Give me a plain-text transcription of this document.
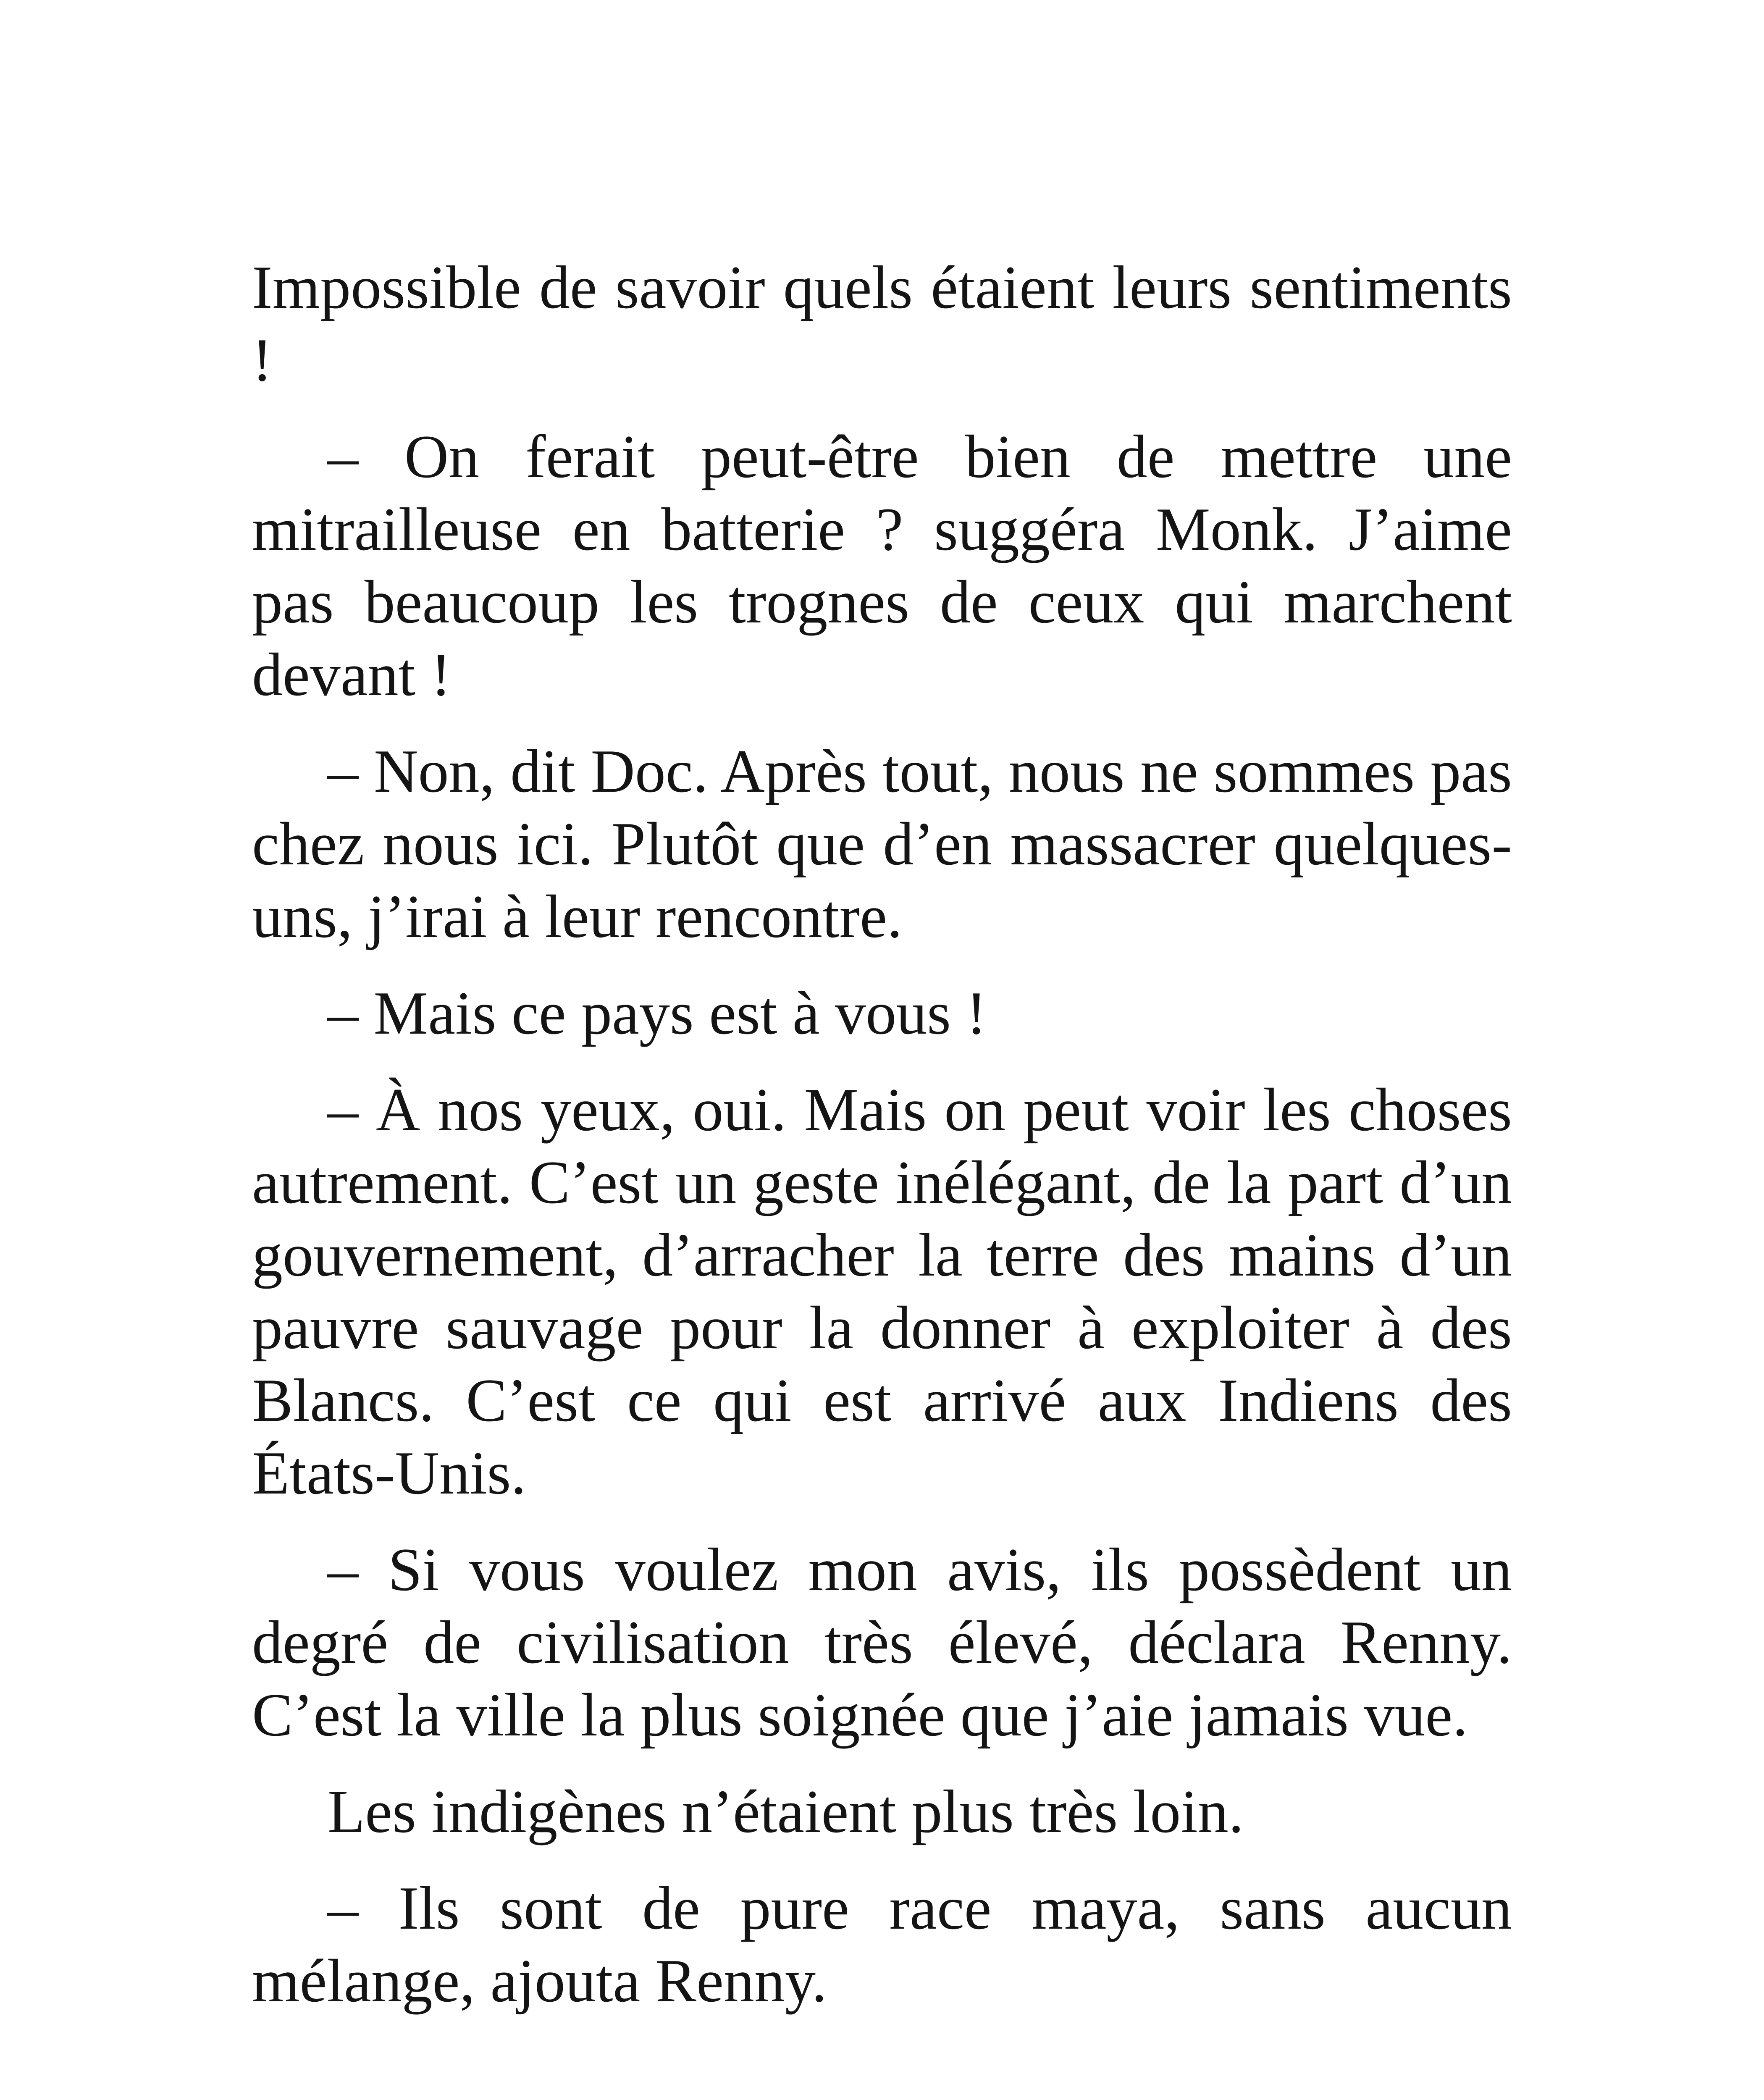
Impossible de savoir quels étaient leurs sentiments !

– On ferait peut-être bien de mettre une mitrailleuse en batterie ? suggéra Monk. J’aime pas beaucoup les trognes de ceux qui marchent devant !

– Non, dit Doc. Après tout, nous ne sommes pas chez nous ici. Plutôt que d’en massacrer quelques-uns, j’irai à leur rencontre.

– Mais ce pays est à vous !

– À nos yeux, oui. Mais on peut voir les choses autrement. C’est un geste inélégant, de la part d’un gouvernement, d’arracher la terre des mains d’un pauvre sauvage pour la donner à exploiter à des Blancs. C’est ce qui est arrivé aux Indiens des États-Unis.

– Si vous voulez mon avis, ils possèdent un degré de civilisation très élevé, déclara Renny. C’est la ville la plus soignée que j’aie jamais vue.

Les indigènes n’étaient plus très loin.

– Ils sont de pure race maya, sans aucun mélange, ajouta Renny.
